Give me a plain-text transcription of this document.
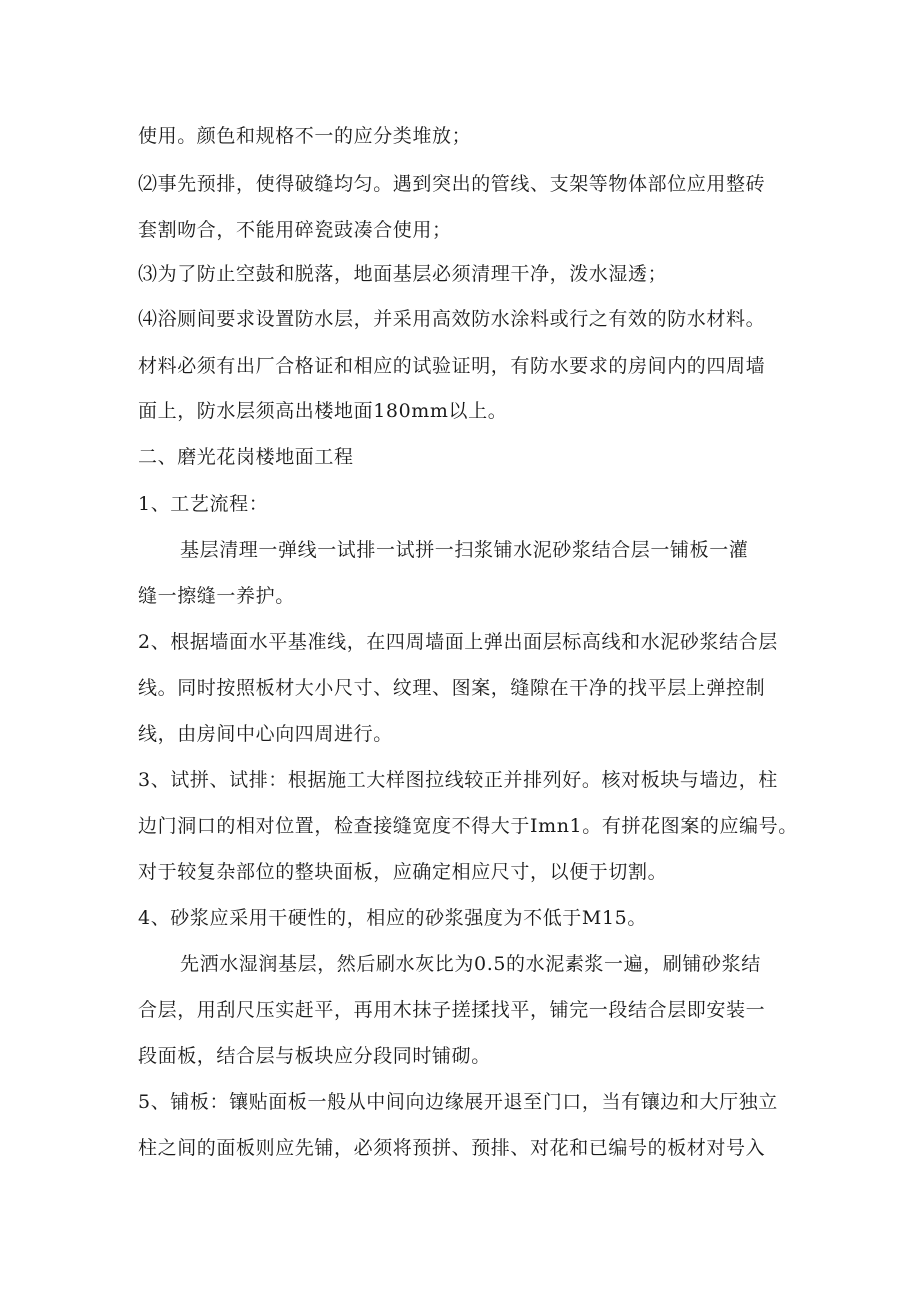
使用。颜色和规格不一的应分类堆放；
⑵事先预排，使得破缝均匀。遇到突出的管线、支架等物体部位应用整砖
套割吻合，不能用碎瓷豉凑合使用；
⑶为了防止空鼓和脱落，地面基层必须清理干净，泼水湿透；
⑷浴厕间要求设置防水层，并采用高效防水涂料或行之有效的防水材料。
材料必须有出厂合格证和相应的试验证明，有防水要求的房间内的四周墙
面上，防水层须高出楼地面180mm以上。
二、磨光花岗楼地面工程
1、工艺流程：
基层清理一弹线一试排一试拼一扫浆铺水泥砂浆结合层一铺板一灌
缝一擦缝一养护。
2、根据墙面水平基准线，在四周墙面上弹出面层标高线和水泥砂浆结合层
线。同时按照板材大小尺寸、纹理、图案，缝隙在干净的找平层上弹控制
线，由房间中心向四周进行。
3、试拼、试排：根据施工大样图拉线较正并排列好。核对板块与墙边，柱
边门洞口的相对位置，检查接缝宽度不得大于Imn1。有拼花图案的应编号。
对于较复杂部位的整块面板，应确定相应尺寸，以便于切割。
4、砂浆应采用干硬性的，相应的砂浆强度为不低于M15。
先洒水湿润基层，然后刷水灰比为0.5的水泥素浆一遍，刷铺砂浆结
合层，用刮尺压实赶平，再用木抹子搓揉找平，铺完一段结合层即安装一
段面板，结合层与板块应分段同时铺砌。
5、铺板：镶贴面板一般从中间向边缘展开退至门口，当有镶边和大厅独立
柱之间的面板则应先铺，必须将预拼、预排、对花和已编号的板材对号入
